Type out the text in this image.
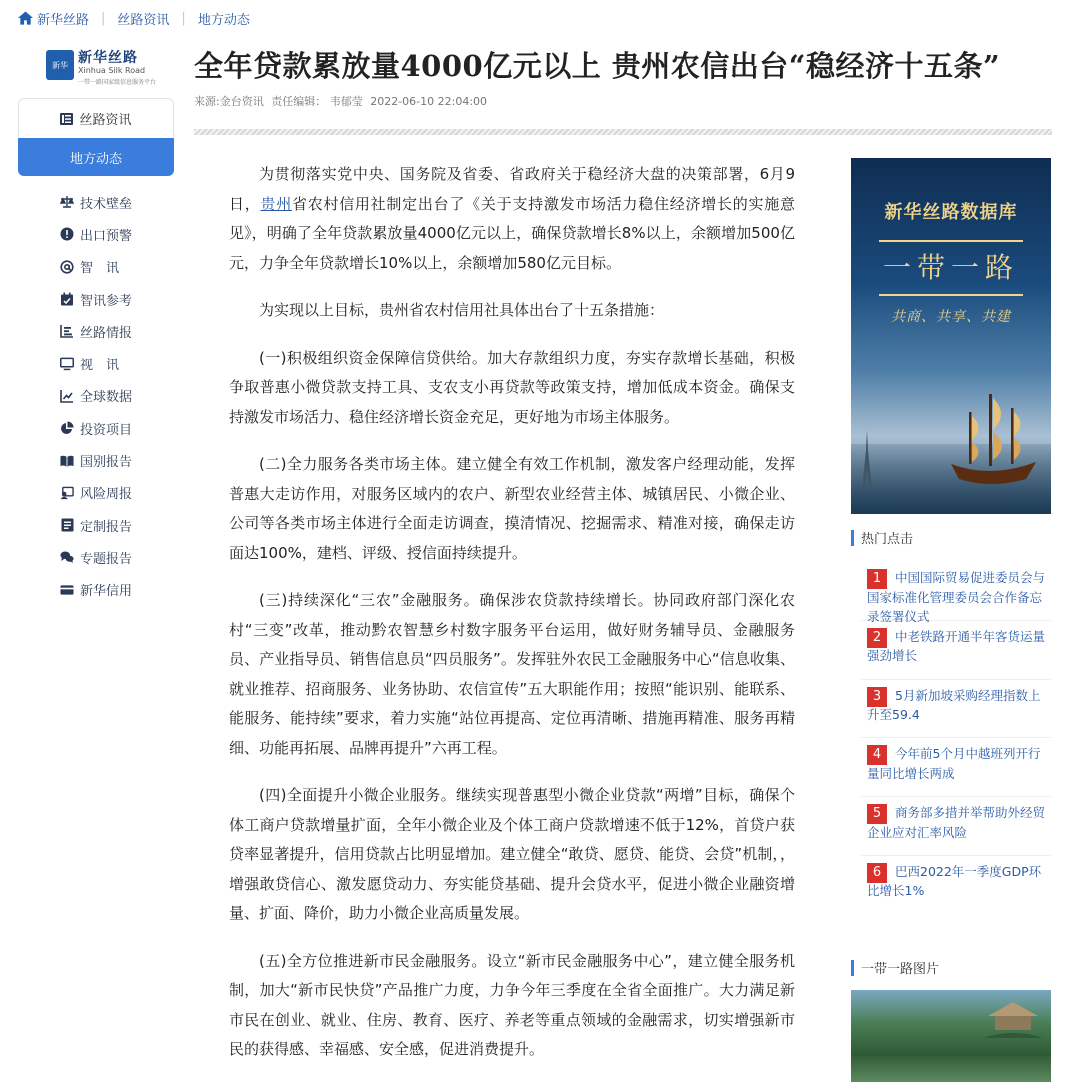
新华丝路 | 丝路资讯 | 地方动态
新华 新华丝路
Xinhua Silk Road
一带一路国家级信息服务平台
丝路资讯
地方动态
技术壁垒
出口预警
智　讯
智讯参考
丝路情报
视　讯
全球数据
投资项目
国别报告
风险周报
定制报告
专题报告
新华信用
全年贷款累放量4000亿元以上 贵州农信出台“稳经济十五条”
来源:金台资讯 责任编辑： 韦郁莹 2022-06-10 22:04:00

为贯彻落实党中央、国务院及省委、省政府关于稳经济大盘的决策部署，6月9日，贵州省农村信用社制定出台了《关于支持激发市场活力稳住经济增长的实施意见》，明确了全年贷款累放量4000亿元以上，确保贷款增长8%以上，余额增加500亿元，力争全年贷款增长10%以上，余额增加580亿元目标。

为实现以上目标，贵州省农村信用社具体出台了十五条措施：

(一)积极组织资金保障信贷供给。加大存款组织力度，夯实存款增长基础，积极争取普惠小微贷款支持工具、支农支小再贷款等政策支持，增加低成本资金。确保支持激发市场活力、稳住经济增长资金充足，更好地为市场主体服务。

(二)全力服务各类市场主体。建立健全有效工作机制，激发客户经理动能，发挥普惠大走访作用，对服务区域内的农户、新型农业经营主体、城镇居民、小微企业、公司等各类市场主体进行全面走访调查，摸清情况、挖掘需求、精准对接，确保走访面达100%，建档、评级、授信面持续提升。

(三)持续深化“三农”金融服务。确保涉农贷款持续增长。协同政府部门深化农村“三变”改革，推动黔农智慧乡村数字服务平台运用，做好财务辅导员、金融服务员、产业指导员、销售信息员“四员服务”。发挥驻外农民工金融服务中心“信息收集、就业推荐、招商服务、业务协助、农信宣传”五大职能作用；按照“能识别、能联系、能服务、能持续”要求，着力实施“站位再提高、定位再清晰、措施再精准、服务再精细、功能再拓展、品牌再提升”六再工程。

(四)全面提升小微企业服务。继续实现普惠型小微企业贷款“两增”目标，确保个体工商户贷款增量扩面，全年小微企业及个体工商户贷款增速不低于12%，首贷户获贷率显著提升，信用贷款占比明显增加。建立健全“敢贷、愿贷、能贷、会贷”机制，，增强敢贷信心、激发愿贷动力、夯实能贷基础、提升会贷水平，促进小微企业融资增量、扩面、降价，助力小微企业高质量发展。

(五)全方位推进新市民金融服务。设立“新市民金融服务中心”，建立健全服务机制，加大“新市民快贷”产品推广力度，力争今年三季度在全省全面推广。大力满足新市民在创业、就业、住房、教育、医疗、养老等重点领域的金融需求，切实增强新市民的获得感、幸福感、安全感，促进消费提升。

新华丝路数据库
一带一路
共商、共享、共建
热门点击
1	中国国际贸易促进委员会与国家标准化管理委员会合作备忘录签署仪式
2	中老铁路开通半年客货运量强劲增长
3	5月新加坡采购经理指数上升至59.4
4	今年前5个月中越班列开行量同比增长两成
5	商务部多措并举帮助外经贸企业应对汇率风险
6	巴西2022年一季度GDP环比增长1%
一带一路图片
